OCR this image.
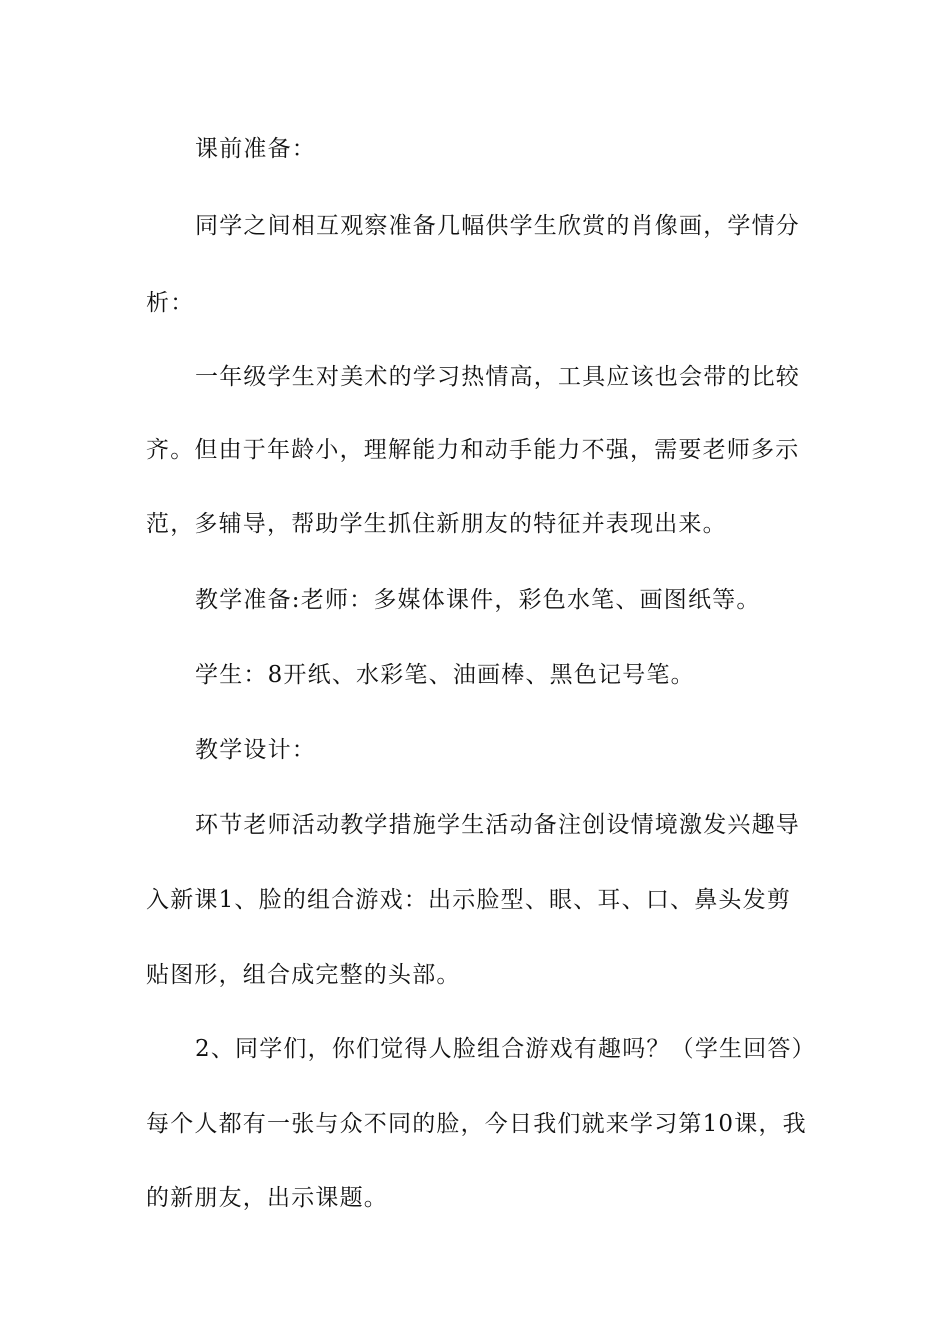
课前准备：
同学之间相互观察准备几幅供学生欣赏的肖像画，学情分
析：
一年级学生对美术的学习热情高，工具应该也会带的比较
齐。但由于年龄小，理解能力和动手能力不强，需要老师多示
范，多辅导，帮助学生抓住新朋友的特征并表现出来。
教学准备:老师：多媒体课件，彩色水笔、画图纸等。
学生：8开纸、水彩笔、油画棒、黑色记号笔。
教学设计：
环节老师活动教学措施学生活动备注创设情境激发兴趣导
入新课1、脸的组合游戏：出示脸型、眼、耳、口、鼻头发剪
贴图形，组合成完整的头部。
2、同学们，你们觉得人脸组合游戏有趣吗？（学生回答）
每个人都有一张与众不同的脸，今日我们就来学习第10课，我
的新朋友，出示课题。
